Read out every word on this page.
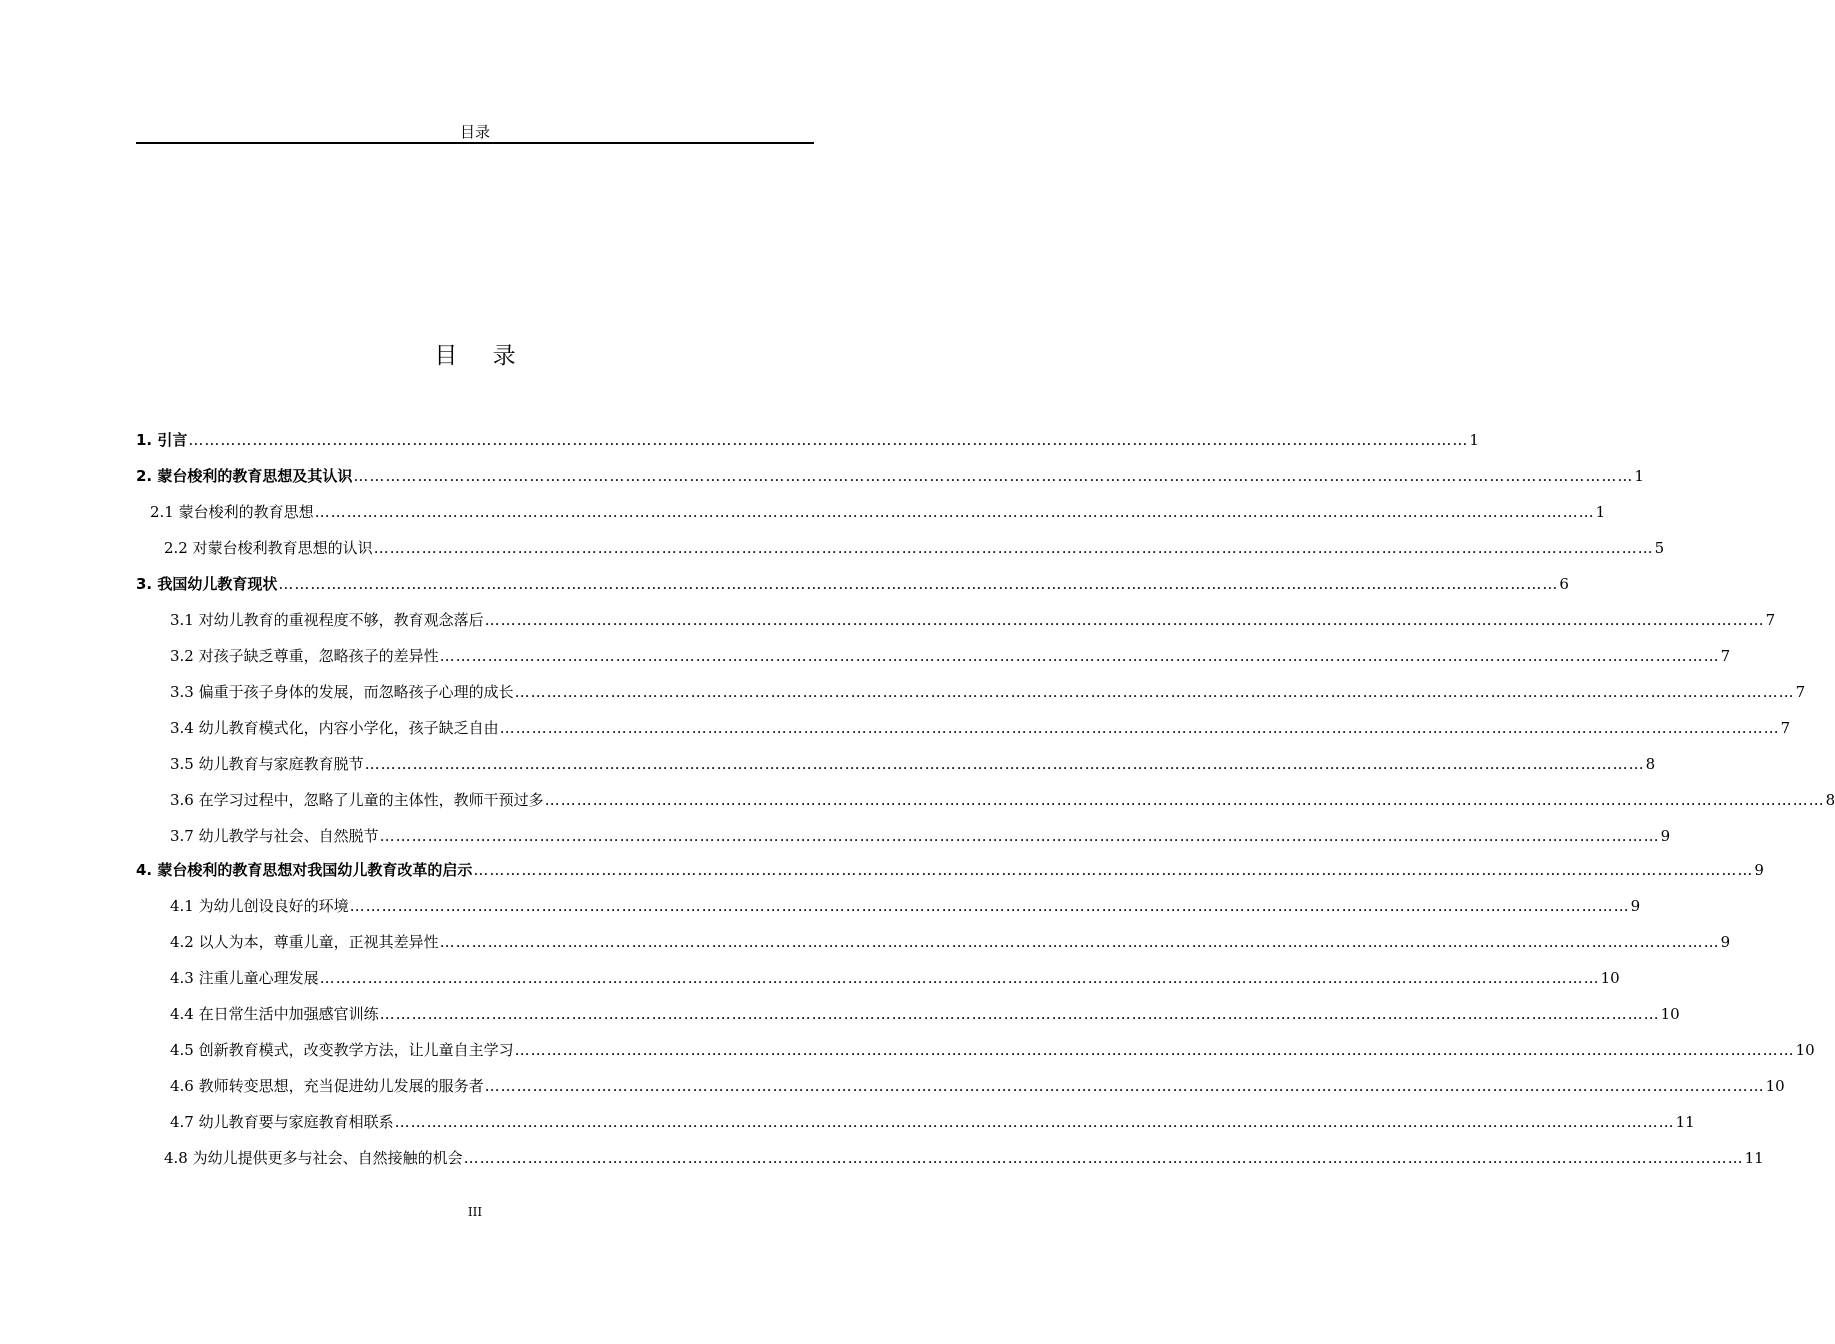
目录
目 录
1. 引言 …………………………………………………………………………………………………………………………………………………………………………………………………………………… 1
2. 蒙台梭利的教育思想及其认识 …………………………………………………………………………………………………………………………………………………………………………………………………………………… 1
2.1 蒙台梭利的教育思想 …………………………………………………………………………………………………………………………………………………………………………………………………………………… 1
2.2 对蒙台梭利教育思想的认识 …………………………………………………………………………………………………………………………………………………………………………………………………………………… 5
3. 我国幼儿教育现状 …………………………………………………………………………………………………………………………………………………………………………………………………………………… 6
3.1 对幼儿教育的重视程度不够，教育观念落后 …………………………………………………………………………………………………………………………………………………………………………………………………………………… 7
3.2 对孩子缺乏尊重，忽略孩子的差异性 …………………………………………………………………………………………………………………………………………………………………………………………………………………… 7
3.3 偏重于孩子身体的发展，而忽略孩子心理的成长 …………………………………………………………………………………………………………………………………………………………………………………………………………………… 7
3.4 幼儿教育模式化，内容小学化，孩子缺乏自由 …………………………………………………………………………………………………………………………………………………………………………………………………………………… 7
3.5 幼儿教育与家庭教育脱节 …………………………………………………………………………………………………………………………………………………………………………………………………………………… 8
3.6 在学习过程中，忽略了儿童的主体性，教师干预过多 …………………………………………………………………………………………………………………………………………………………………………………………………………………… 8
3.7 幼儿教学与社会、自然脱节 …………………………………………………………………………………………………………………………………………………………………………………………………………………… 9
4. 蒙台梭利的教育思想对我国幼儿教育改革的启示 …………………………………………………………………………………………………………………………………………………………………………………………………………………… 9
4.1 为幼儿创设良好的环境 …………………………………………………………………………………………………………………………………………………………………………………………………………………… 9
4.2 以人为本，尊重儿童，正视其差异性 …………………………………………………………………………………………………………………………………………………………………………………………………………………… 9
4.3 注重儿童心理发展 …………………………………………………………………………………………………………………………………………………………………………………………………………………… 10
4.4 在日常生活中加强感官训练 …………………………………………………………………………………………………………………………………………………………………………………………………………………… 10
4.5 创新教育模式，改变教学方法，让儿童自主学习 …………………………………………………………………………………………………………………………………………………………………………………………………………………… 10
4.6 教师转变思想，充当促进幼儿发展的服务者 …………………………………………………………………………………………………………………………………………………………………………………………………………………… 10
4.7 幼儿教育要与家庭教育相联系 …………………………………………………………………………………………………………………………………………………………………………………………………………………… 11
4.8 为幼儿提供更多与社会、自然接触的机会 …………………………………………………………………………………………………………………………………………………………………………………………………………………… 11
III
